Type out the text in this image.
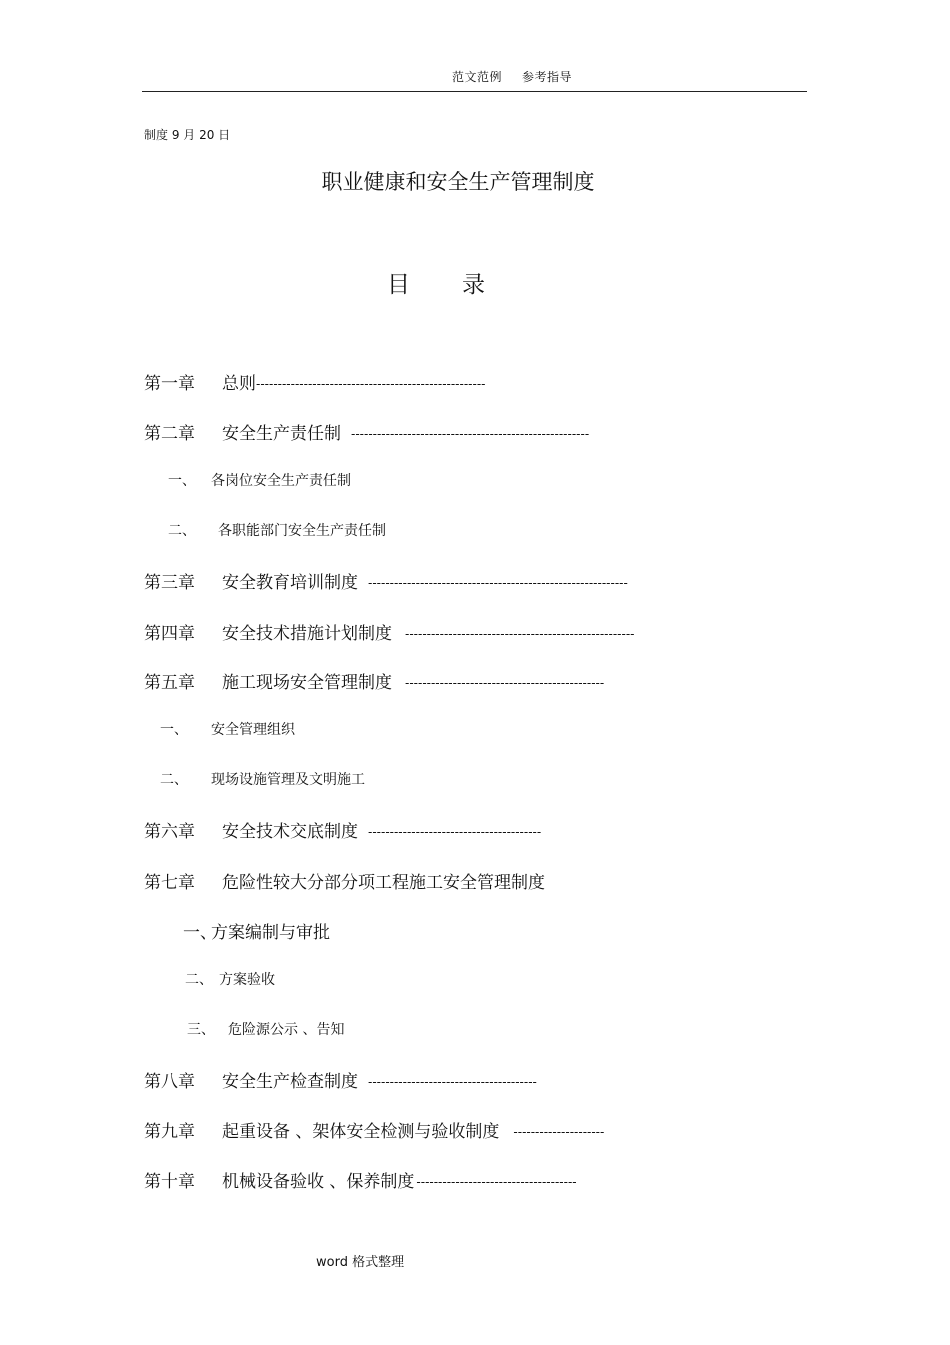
范文范例 参考指导
制度 9 月 20 日
职业健康和安全生产管理制度
目录
第一章 总则-----------------------------------------------------
第二章 安全生产责任制 -------------------------------------------------------
一、 各岗位安全生产责任制
二、 各职能部门安全生产责任制
第三章 安全教育培训制度 ------------------------------------------------------------
第四章 安全技术措施计划制度 -----------------------------------------------------
第五章 施工现场安全管理制度 ----------------------------------------------
一、 安全管理组织
二、 现场设施管理及文明施工
第六章 安全技术交底制度 ----------------------------------------
第七章 危险性较大分部分项工程施工安全管理制度
一、方案编制与审批
二、 方案验收
三、 危险源公示 、告知
第八章 安全生产检查制度 ---------------------------------------
第九章 起重设备 、架体安全检测与验收制度 ---------------------
第十章 机械设备验收 、保养制度 -------------------------------------
word 格式整理
